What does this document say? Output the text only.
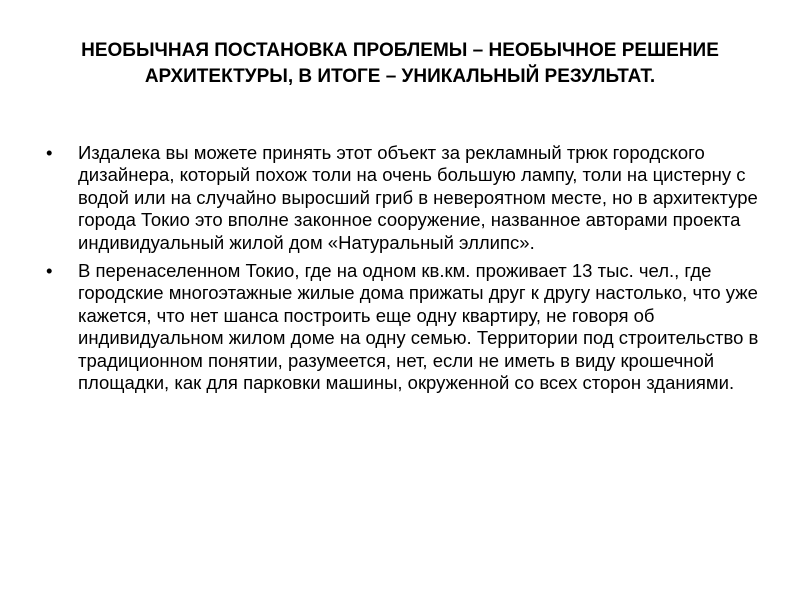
НЕОБЫЧНАЯ ПОСТАНОВКА ПРОБЛЕМЫ – НЕОБЫЧНОЕ РЕШЕНИЕ АРХИТЕКТУРЫ, В ИТОГЕ – УНИКАЛЬНЫЙ РЕЗУЛЬТАТ.
• Издалека вы можете принять этот объект за рекламный трюк городского дизайнера, который похож толи на очень большую лампу, толи на цистерну с водой или на случайно выросший гриб в невероятном месте, но в архитектуре города Токио это вполне законное сооружение, названное авторами проекта индивидуальный жилой дом «Натуральный эллипс».
• В перенаселенном Токио, где на одном кв.км. проживает 13 тыс. чел., где городские многоэтажные жилые дома прижаты друг к другу настолько, что уже кажется, что нет шанса построить еще одну квартиру, не говоря об индивидуальном жилом доме на одну семью. Территории под строительство в традиционном понятии, разумеется, нет, если не иметь в виду крошечной площадки, как для парковки машины, окруженной со всех сторон зданиями.
